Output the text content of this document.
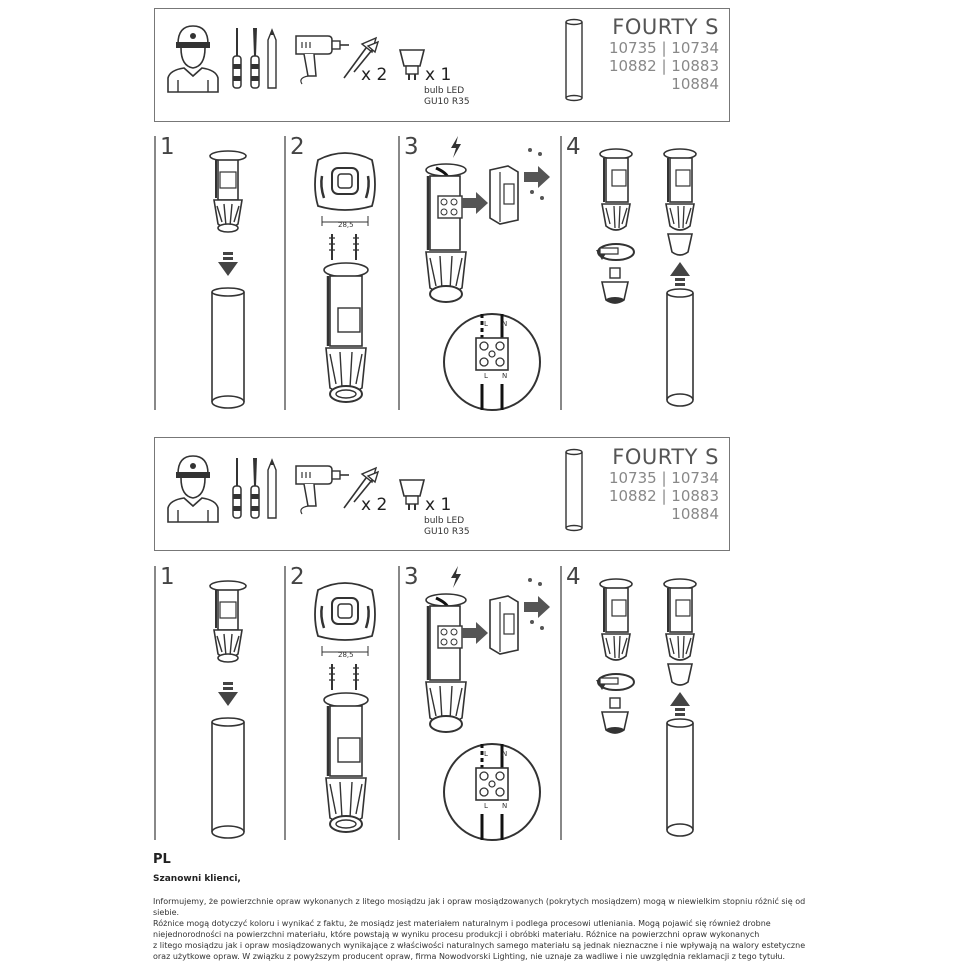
x 2 x 1
bulb LED
GU10 R35
FOURTY S
10735 | 10734
10882 | 10883
10884
1	2	3	4
28,5
L N
L N
x 2 x 1
bulb LED
GU10 R35
FOURTY S
10735 | 10734
10882 | 10883
10884
1	2	3	4
28,5
L N
L N
PL
Szanowni klienci,
Informujemy, że powierzchnie opraw wykonanych z litego mosiądzu jak i opraw mosiądzowanych (pokrytych mosiądzem) mogą w niewielkim stopniu różnić się od siebie.
Różnice mogą dotyczyć koloru i wynikać z faktu, że mosiądz jest materiałem naturalnym i podlega procesowi utleniania. Mogą pojawić się również drobne
niejednorodności na powierzchni materiału, które powstają w wyniku procesu produkcji i obróbki materiału. Różnice na powierzchni opraw wykonanych
z litego mosiądzu jak i opraw mosiądzowanych wynikające z właściwości naturalnych samego materiału są jednak nieznaczne i nie wpływają na walory estetyczne
oraz użytkowe opraw. W związku z powyższym producent opraw, firma Nowodvorski Lighting, nie uznaje za wadliwe i nie uwzględnia reklamacji z tego tytułu.
